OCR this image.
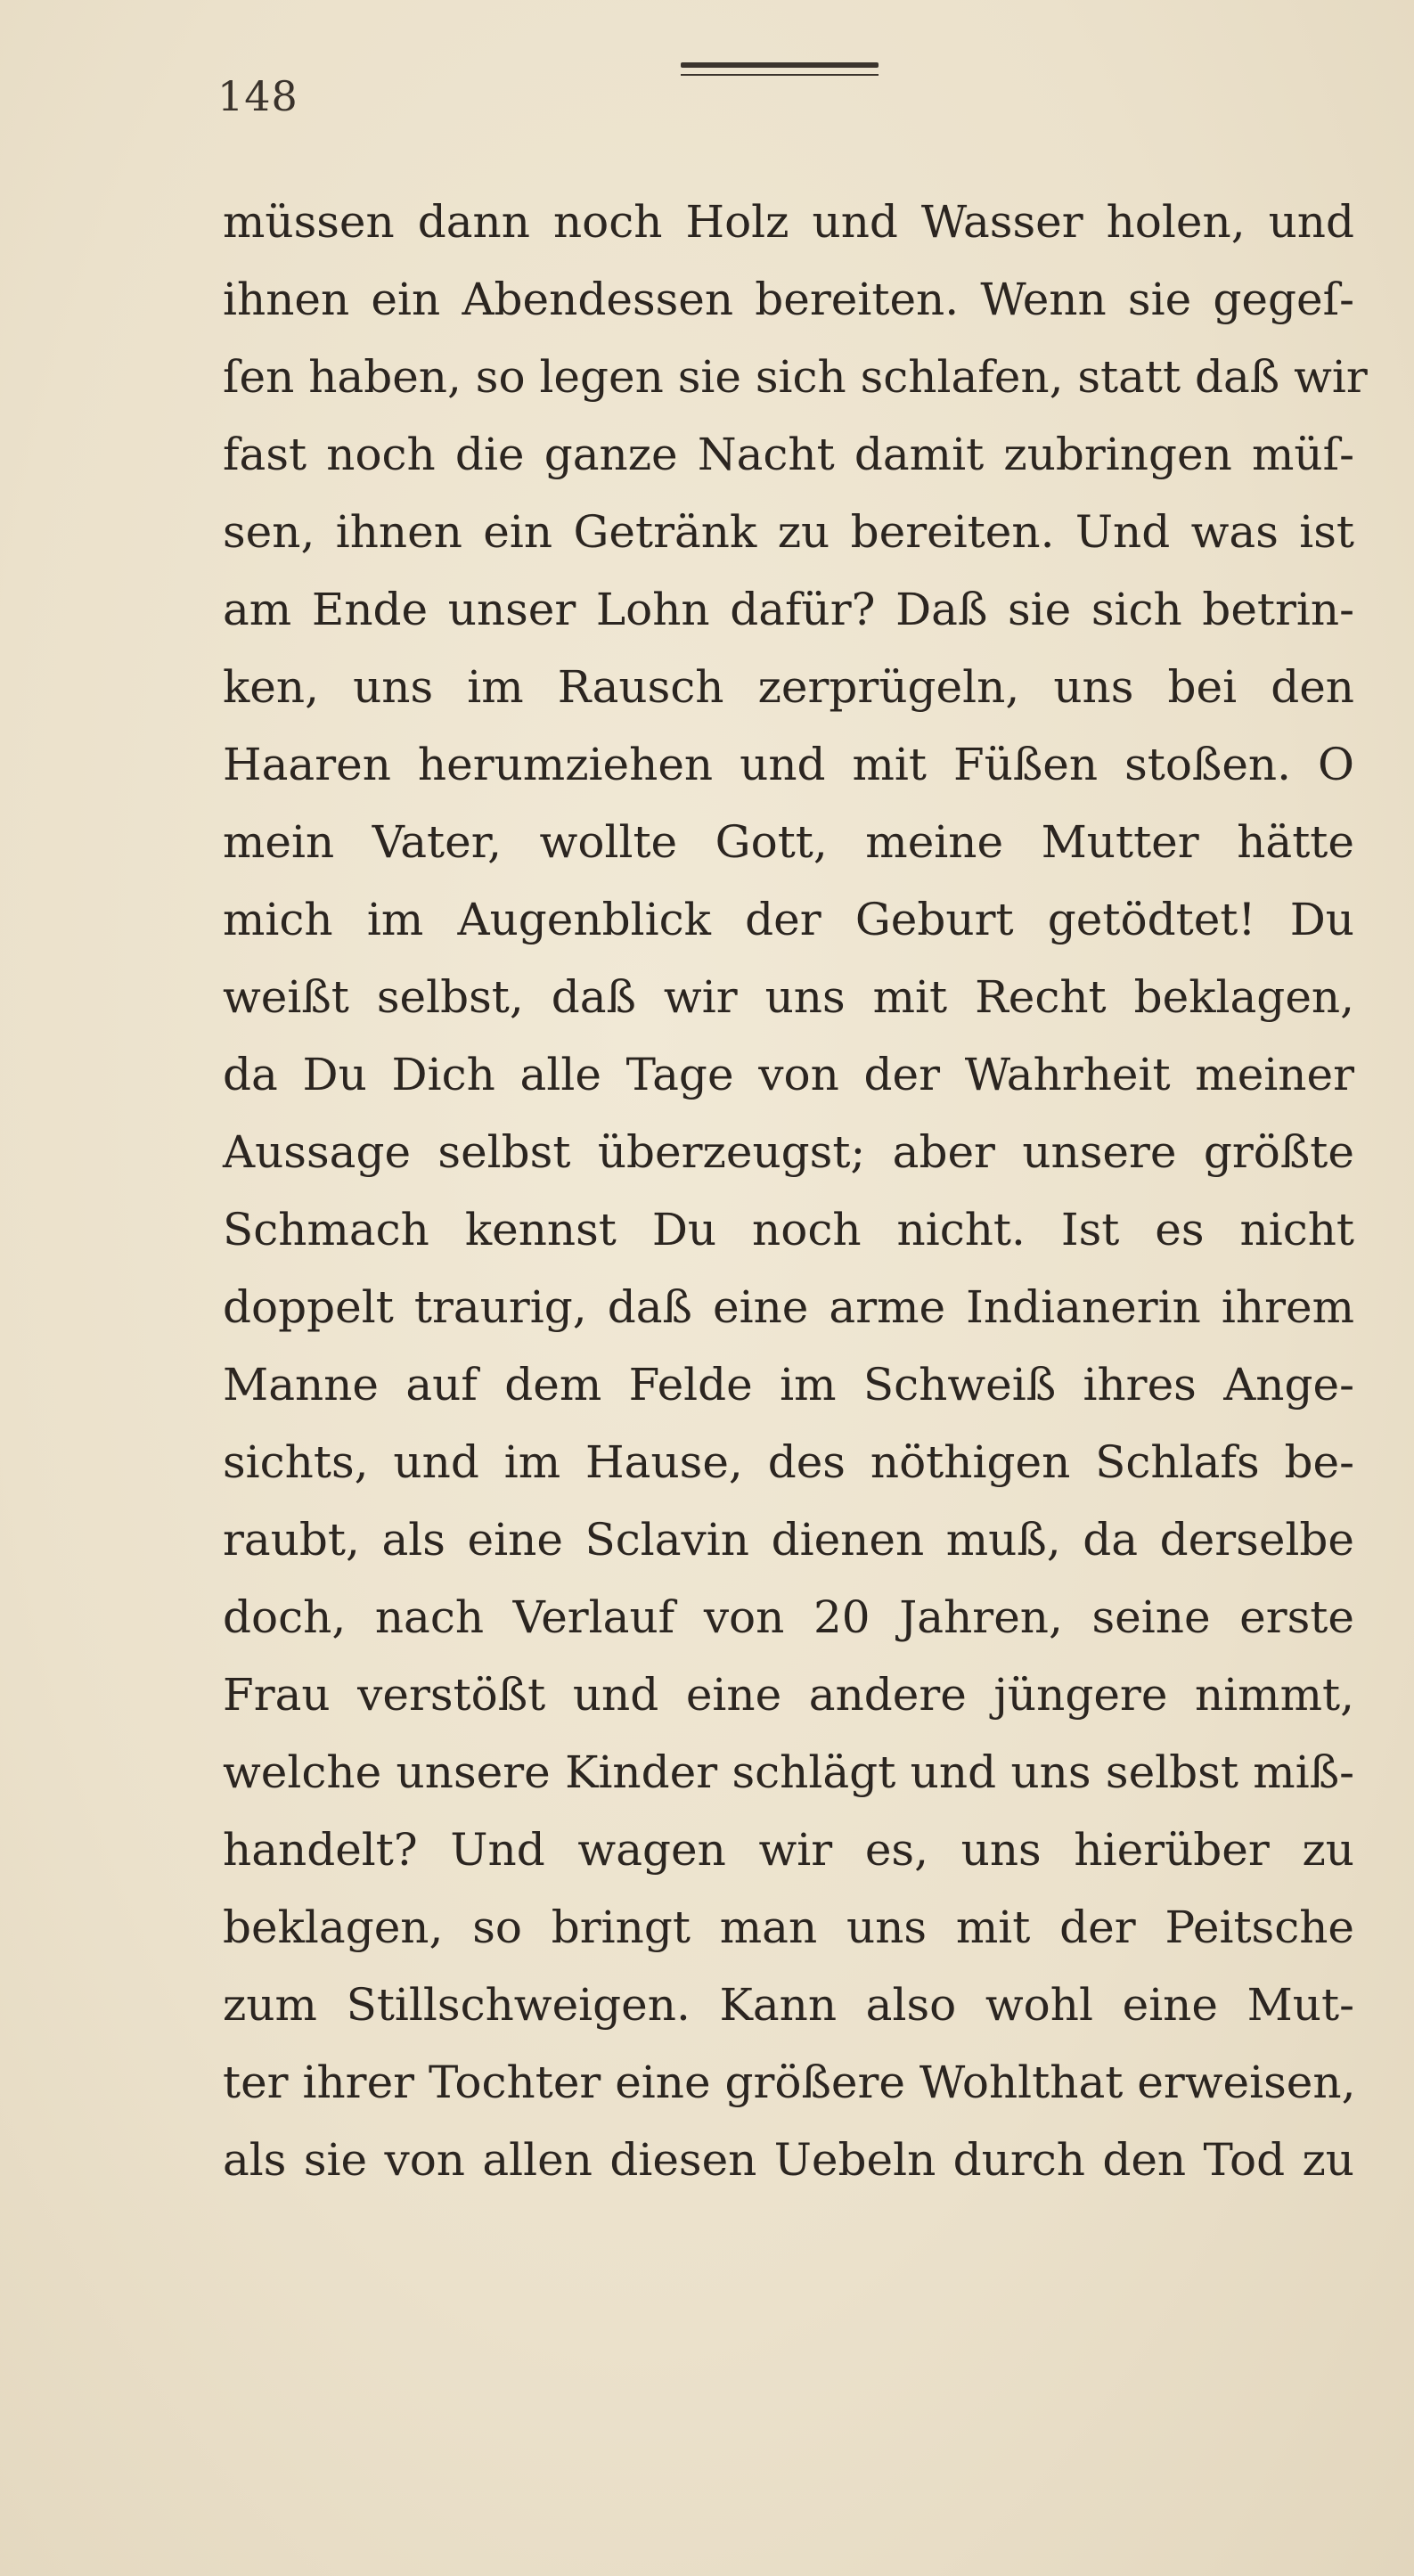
148
müssen dann noch Holz und Wasser holen, und
ihnen ein Abendessen bereiten. Wenn sie gegeſ-
ſen haben, so legen sie sich schlafen, statt daß wir
fast noch die ganze Nacht damit zubringen müſ-
sen, ihnen ein Getränk zu bereiten. Und was ist
am Ende unser Lohn dafür? Daß sie sich betrin-
ken, uns im Rausch zerprügeln, uns bei den
Haaren herumziehen und mit Füßen stoßen. O
mein Vater, wollte Gott, meine Mutter hätte
mich im Augenblick der Geburt getödtet! Du
weißt selbst, daß wir uns mit Recht beklagen,
da Du Dich alle Tage von der Wahrheit meiner
Aussage selbst überzeugst; aber unsere größte
Schmach kennst Du noch nicht. Ist es nicht
doppelt traurig, daß eine arme Indianerin ihrem
Manne auf dem Felde im Schweiß ihres Ange-
sichts, und im Hause, des nöthigen Schlafs be-
raubt, als eine Sclavin dienen muß, da derselbe
doch, nach Verlauf von 20 Jahren, seine erste
Frau verstößt und eine andere jüngere nimmt,
welche unsere Kinder schlägt und uns selbst miß-
handelt? Und wagen wir es, uns hierüber zu
beklagen, so bringt man uns mit der Peitsche
zum Stillschweigen. Kann also wohl eine Mut-
ter ihrer Tochter eine größere Wohlthat erweisen,
als sie von allen diesen Uebeln durch den Tod zu
